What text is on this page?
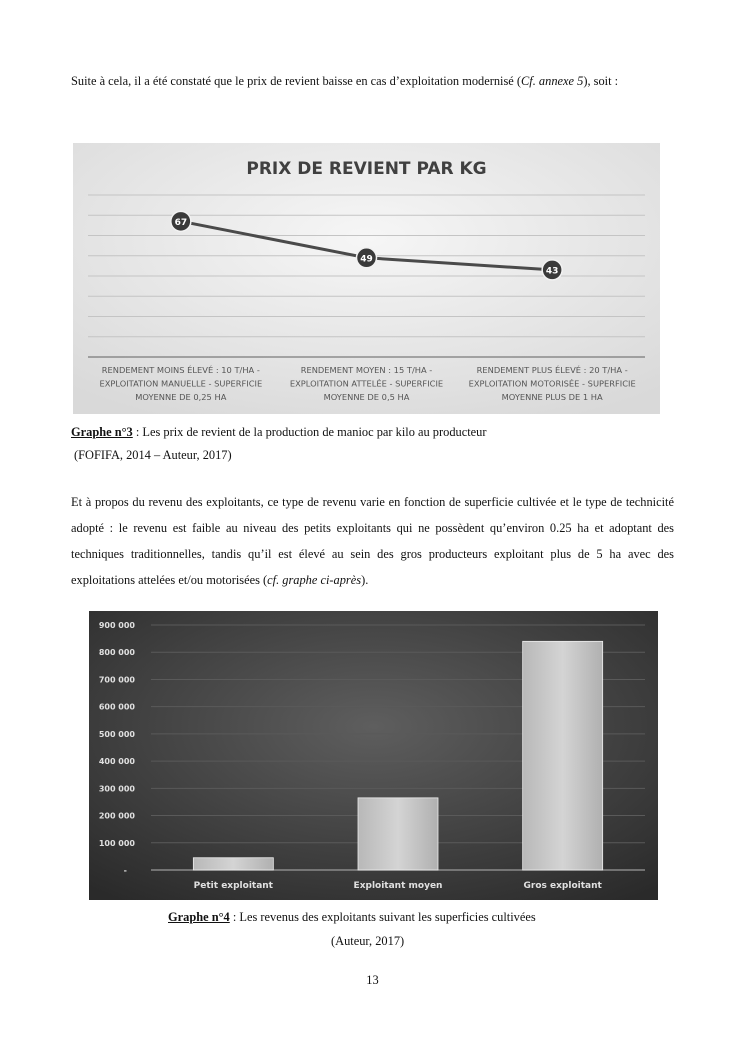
Suite à cela, il a été constaté que le prix de revient baisse en cas d’exploitation modernisé (Cf. annexe 5), soit :

PRIX DE REVIENT PAR KG
67
49
43
RENDEMENT MOINS ÉLEVÉ : 10 T/HA -
EXPLOITATION MANUELLE - SUPERFICIE
MOYENNE DE 0,25 HA
RENDEMENT MOYEN : 15 T/HA -
EXPLOITATION ATTELÉE - SUPERFICIE
MOYENNE DE 0,5 HA
RENDEMENT PLUS ÉLEVÉ : 20 T/HA -
EXPLOITATION MOTORISÉE - SUPERFICIE
MOYENNE PLUS DE 1 HA
Graphe n°3 : Les prix de revient de la production de manioc par kilo au producteur
(FOFIFA, 2014 – Auteur, 2017)

Et à propos du revenu des exploitants, ce type de revenu varie en fonction de superficie cultivée et le type de technicité adopté : le revenu est faible au niveau des petits exploitants qui ne possèdent qu’environ 0.25 ha et adoptant des techniques traditionnelles, tandis qu’il est élevé au sein des gros producteurs exploitant plus de 5 ha avec des exploitations attelées et/ou motorisées (cf. graphe ci-après).

-
100 000
200 000
300 000
400 000
500 000
600 000
700 000
800 000
900 000
Petit exploitant	Exploitant moyen	Gros exploitant
Graphe n°4 : Les revenus des exploitants suivant les superficies cultivées
(Auteur, 2017)
13
